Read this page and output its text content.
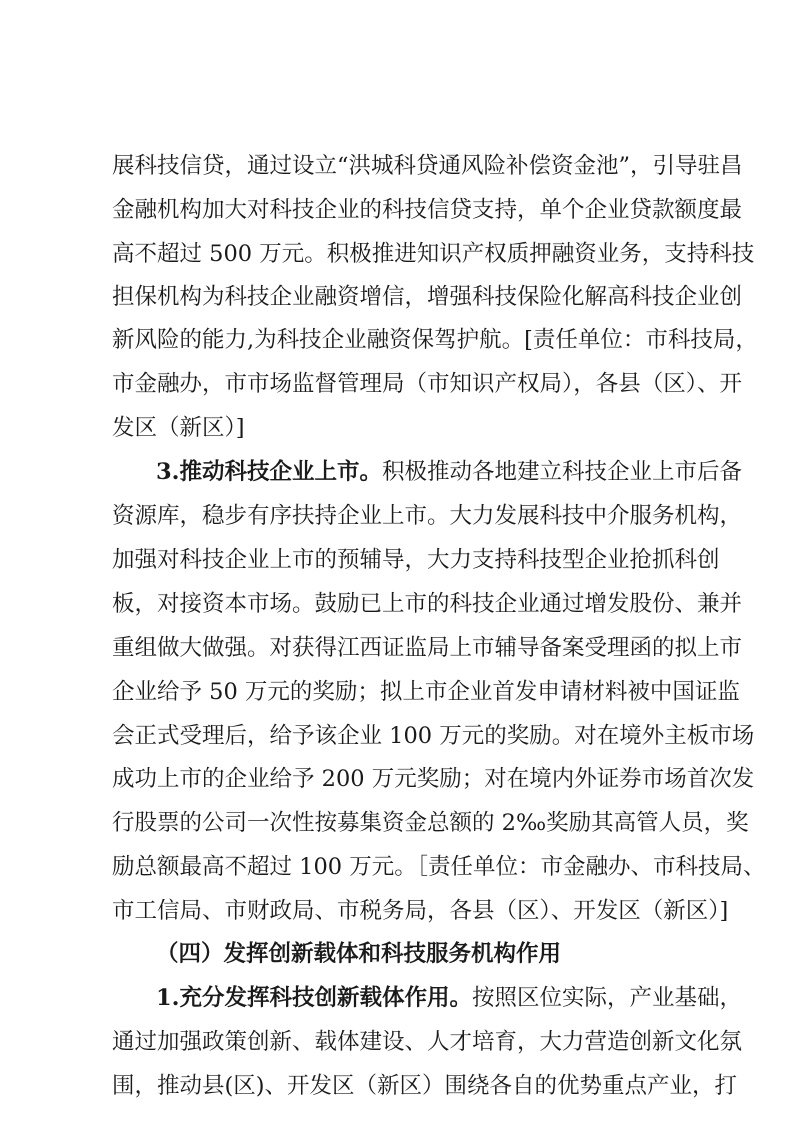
展科技信贷，通过设立“洪城科贷通风险补偿资金池”，引导驻昌
金融机构加大对科技企业的科技信贷支持，单个企业贷款额度最
高不超过 500 万元。积极推进知识产权质押融资业务，支持科技
担保机构为科技企业融资增信，增强科技保险化解高科技企业创
新风险的能力,为科技企业融资保驾护航。[责任单位：市科技局，
市金融办，市市场监督管理局（市知识产权局），各县（区）、开
发区（新区）]
3.推动科技企业上市。积极推动各地建立科技企业上市后备
资源库，稳步有序扶持企业上市。大力发展科技中介服务机构，
加强对科技企业上市的预辅导，大力支持科技型企业抢抓科创
板，对接资本市场。鼓励已上市的科技企业通过增发股份、兼并
重组做大做强。对获得江西证监局上市辅导备案受理函的拟上市
企业给予 50 万元的奖励；拟上市企业首发申请材料被中国证监
会正式受理后，给予该企业 100 万元的奖励。对在境外主板市场
成功上市的企业给予 200 万元奖励；对在境内外证券市场首次发
行股票的公司一次性按募集资金总额的 2‰奖励其高管人员，奖
励总额最高不超过 100 万元。［责任单位：市金融办、市科技局、
市工信局、市财政局、市税务局，各县（区）、开发区（新区）]
（四）发挥创新载体和科技服务机构作用
1.充分发挥科技创新载体作用。按照区位实际，产业基础，
通过加强政策创新、载体建设、人才培育，大力营造创新文化氛
围，推动县(区)、开发区（新区）围绕各自的优势重点产业，打
